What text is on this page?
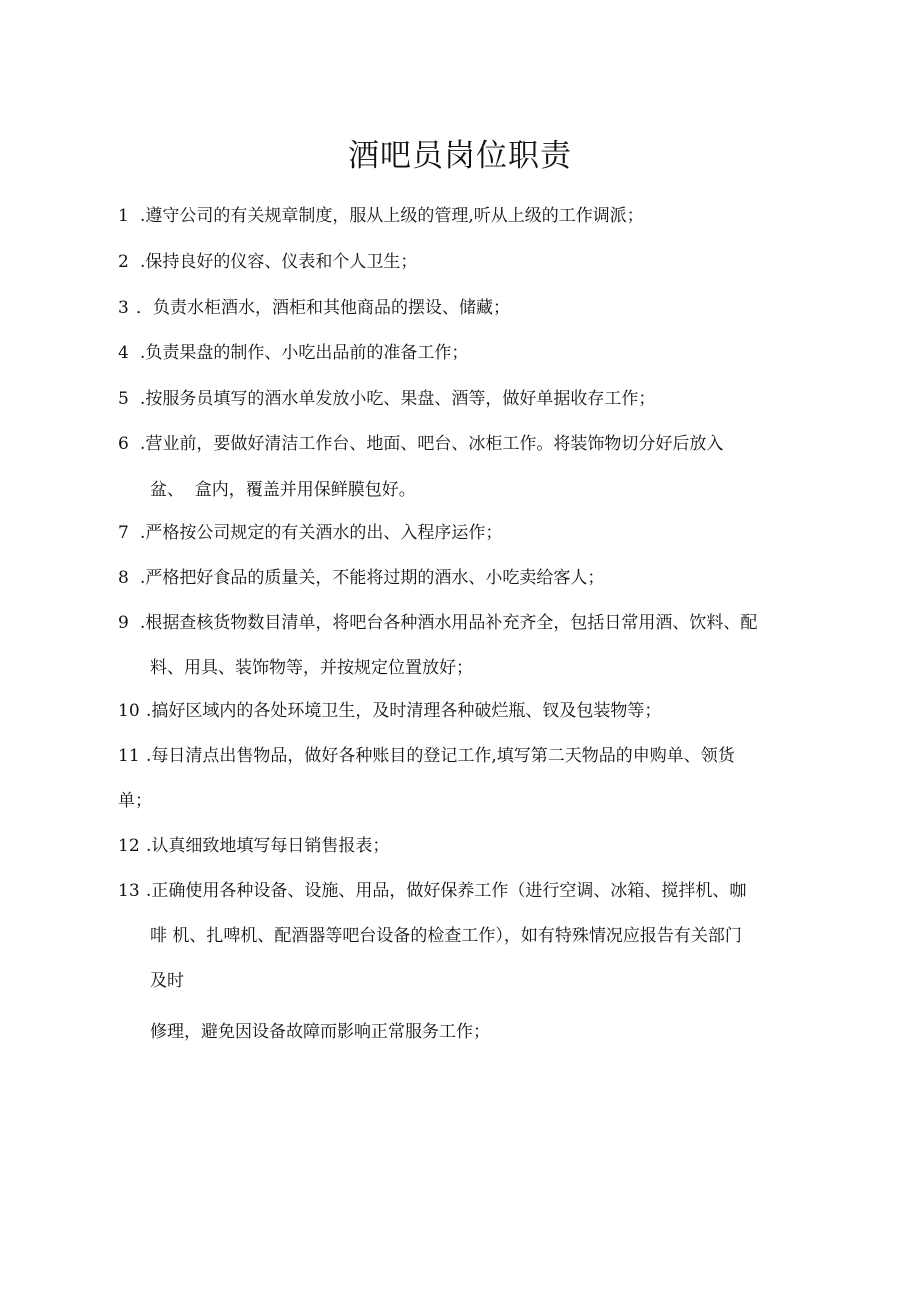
酒吧员岗位职责
1 .遵守公司的有关规章制度，服从上级的管理,听从上级的工作调派；
2 .保持良好的仪容、仪表和个人卫生；
3 ．负责水柜酒水，酒柜和其他商品的摆设、储藏；
4 .负责果盘的制作、小吃出品前的准备工作；
5 .按服务员填写的酒水单发放小吃、果盘、酒等，做好单据收存工作；
6 .营业前，要做好清洁工作台、地面、吧台、冰柜工作。将装饰物切分好后放入
盆、  盒内，覆盖并用保鲜膜包好。
7 .严格按公司规定的有关酒水的出、入程序运作；
8 .严格把好食品的质量关，不能将过期的酒水、小吃卖给客人；
9 .根据查核货物数目清单，将吧台各种酒水用品补充齐全，包括日常用酒、饮料、配
料、用具、装饰物等，并按规定位置放好；
10 .搞好区域内的各处环境卫生，及时清理各种破烂瓶、钗及包装物等；
11 .每日清点出售物品，做好各种账目的登记工作,填写第二天物品的申购单、领货
单；
12 .认真细致地填写每日销售报表；
13 .正确使用各种设备、设施、用品，做好保养工作（进行空调、冰箱、搅拌机、咖
啡 机、扎啤机、配酒器等吧台设备的检查工作），如有特殊情况应报告有关部门
及时
修理，避免因设备故障而影响正常服务工作；
